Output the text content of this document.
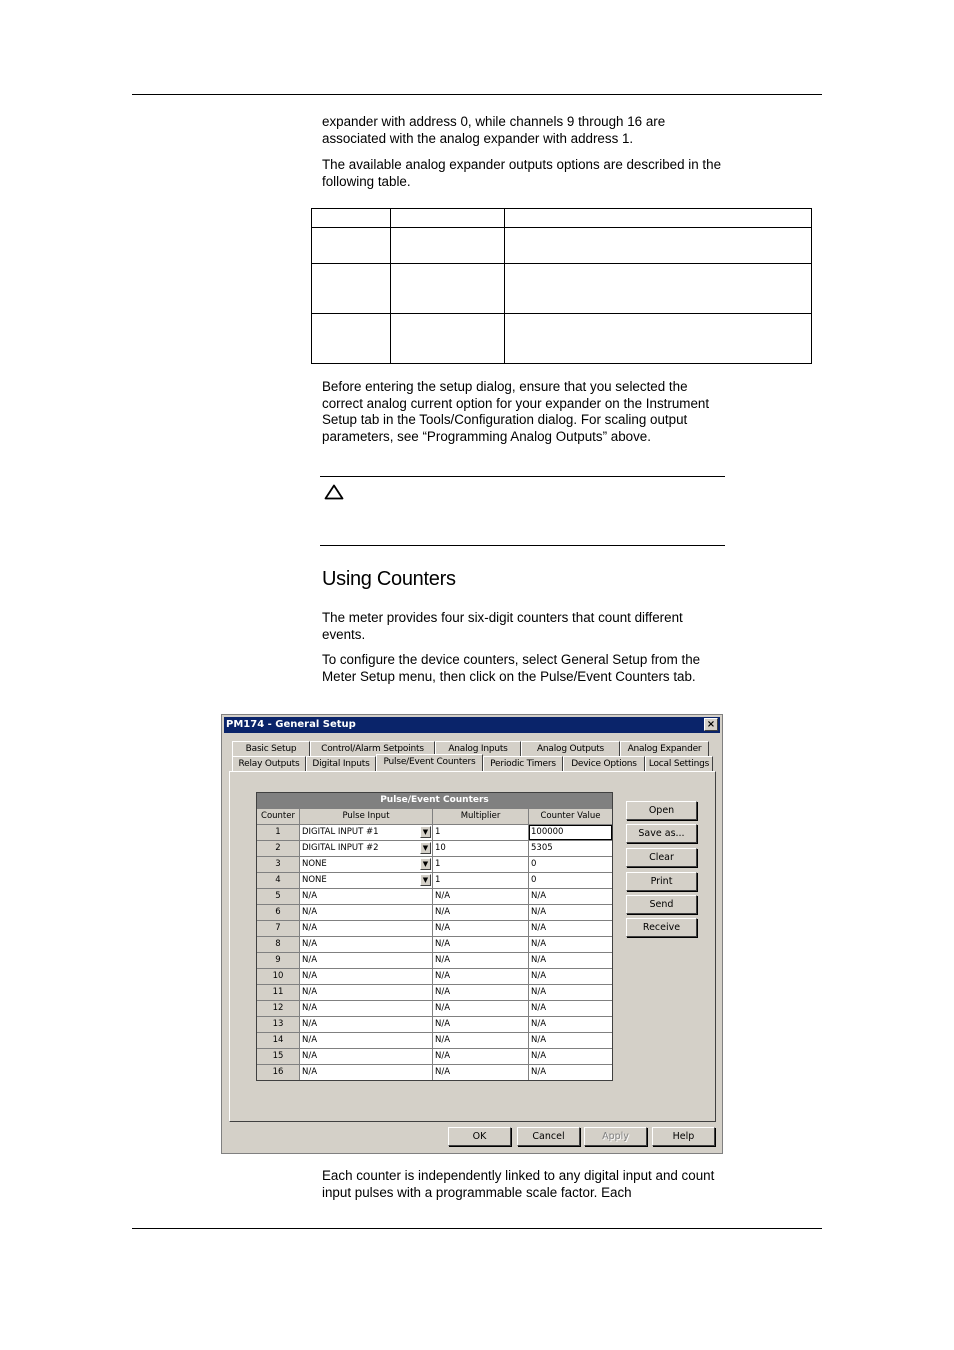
expander with address 0, while channels 9 through 16 are associated with the analog expander with address 1.

The available analog expander outputs options are described in the following table.

Before entering the setup dialog, ensure that you selected the correct analog current option for your expander on the Instrument Setup tab in the Tools/Configuration dialog. For scaling output parameters, see “Programming Analog Outputs” above.

Using Counters

The meter provides four six-digit counters that count different events.

To configure the device counters, select General Setup from the Meter Setup menu, then click on the Pulse/Event Counters tab.

PM174 - General Setup	×
Basic Setup	Control/Alarm Setpoints	Analog Inputs	Analog Outputs	Analog Expander
Relay Outputs	Digital Inputs	Pulse/Event Counters	Periodic Timers	Device Options	Local Settings
Pulse/Event Counters
Counter	Pulse Input	Multiplier	Counter Value
1	DIGITAL INPUT #1	▼ 1	100000
2	DIGITAL INPUT #2	▼ 10	5305
3	NONE	▼ 1	0
4	NONE	▼ 1	0
5	N/A	N/A	N/A
6	N/A	N/A	N/A
7	N/A	N/A	N/A
8	N/A	N/A	N/A
9	N/A	N/A	N/A
10	N/A	N/A	N/A
11	N/A	N/A	N/A
12	N/A	N/A	N/A
13	N/A	N/A	N/A
14	N/A	N/A	N/A
15	N/A	N/A	N/A
16	N/A	N/A	N/A
Open
Save as...
Clear
Print
Send
Receive
OK	Cancel	Apply	Help

Each counter is independently linked to any digital input and count input pulses with a programmable scale factor. Each
